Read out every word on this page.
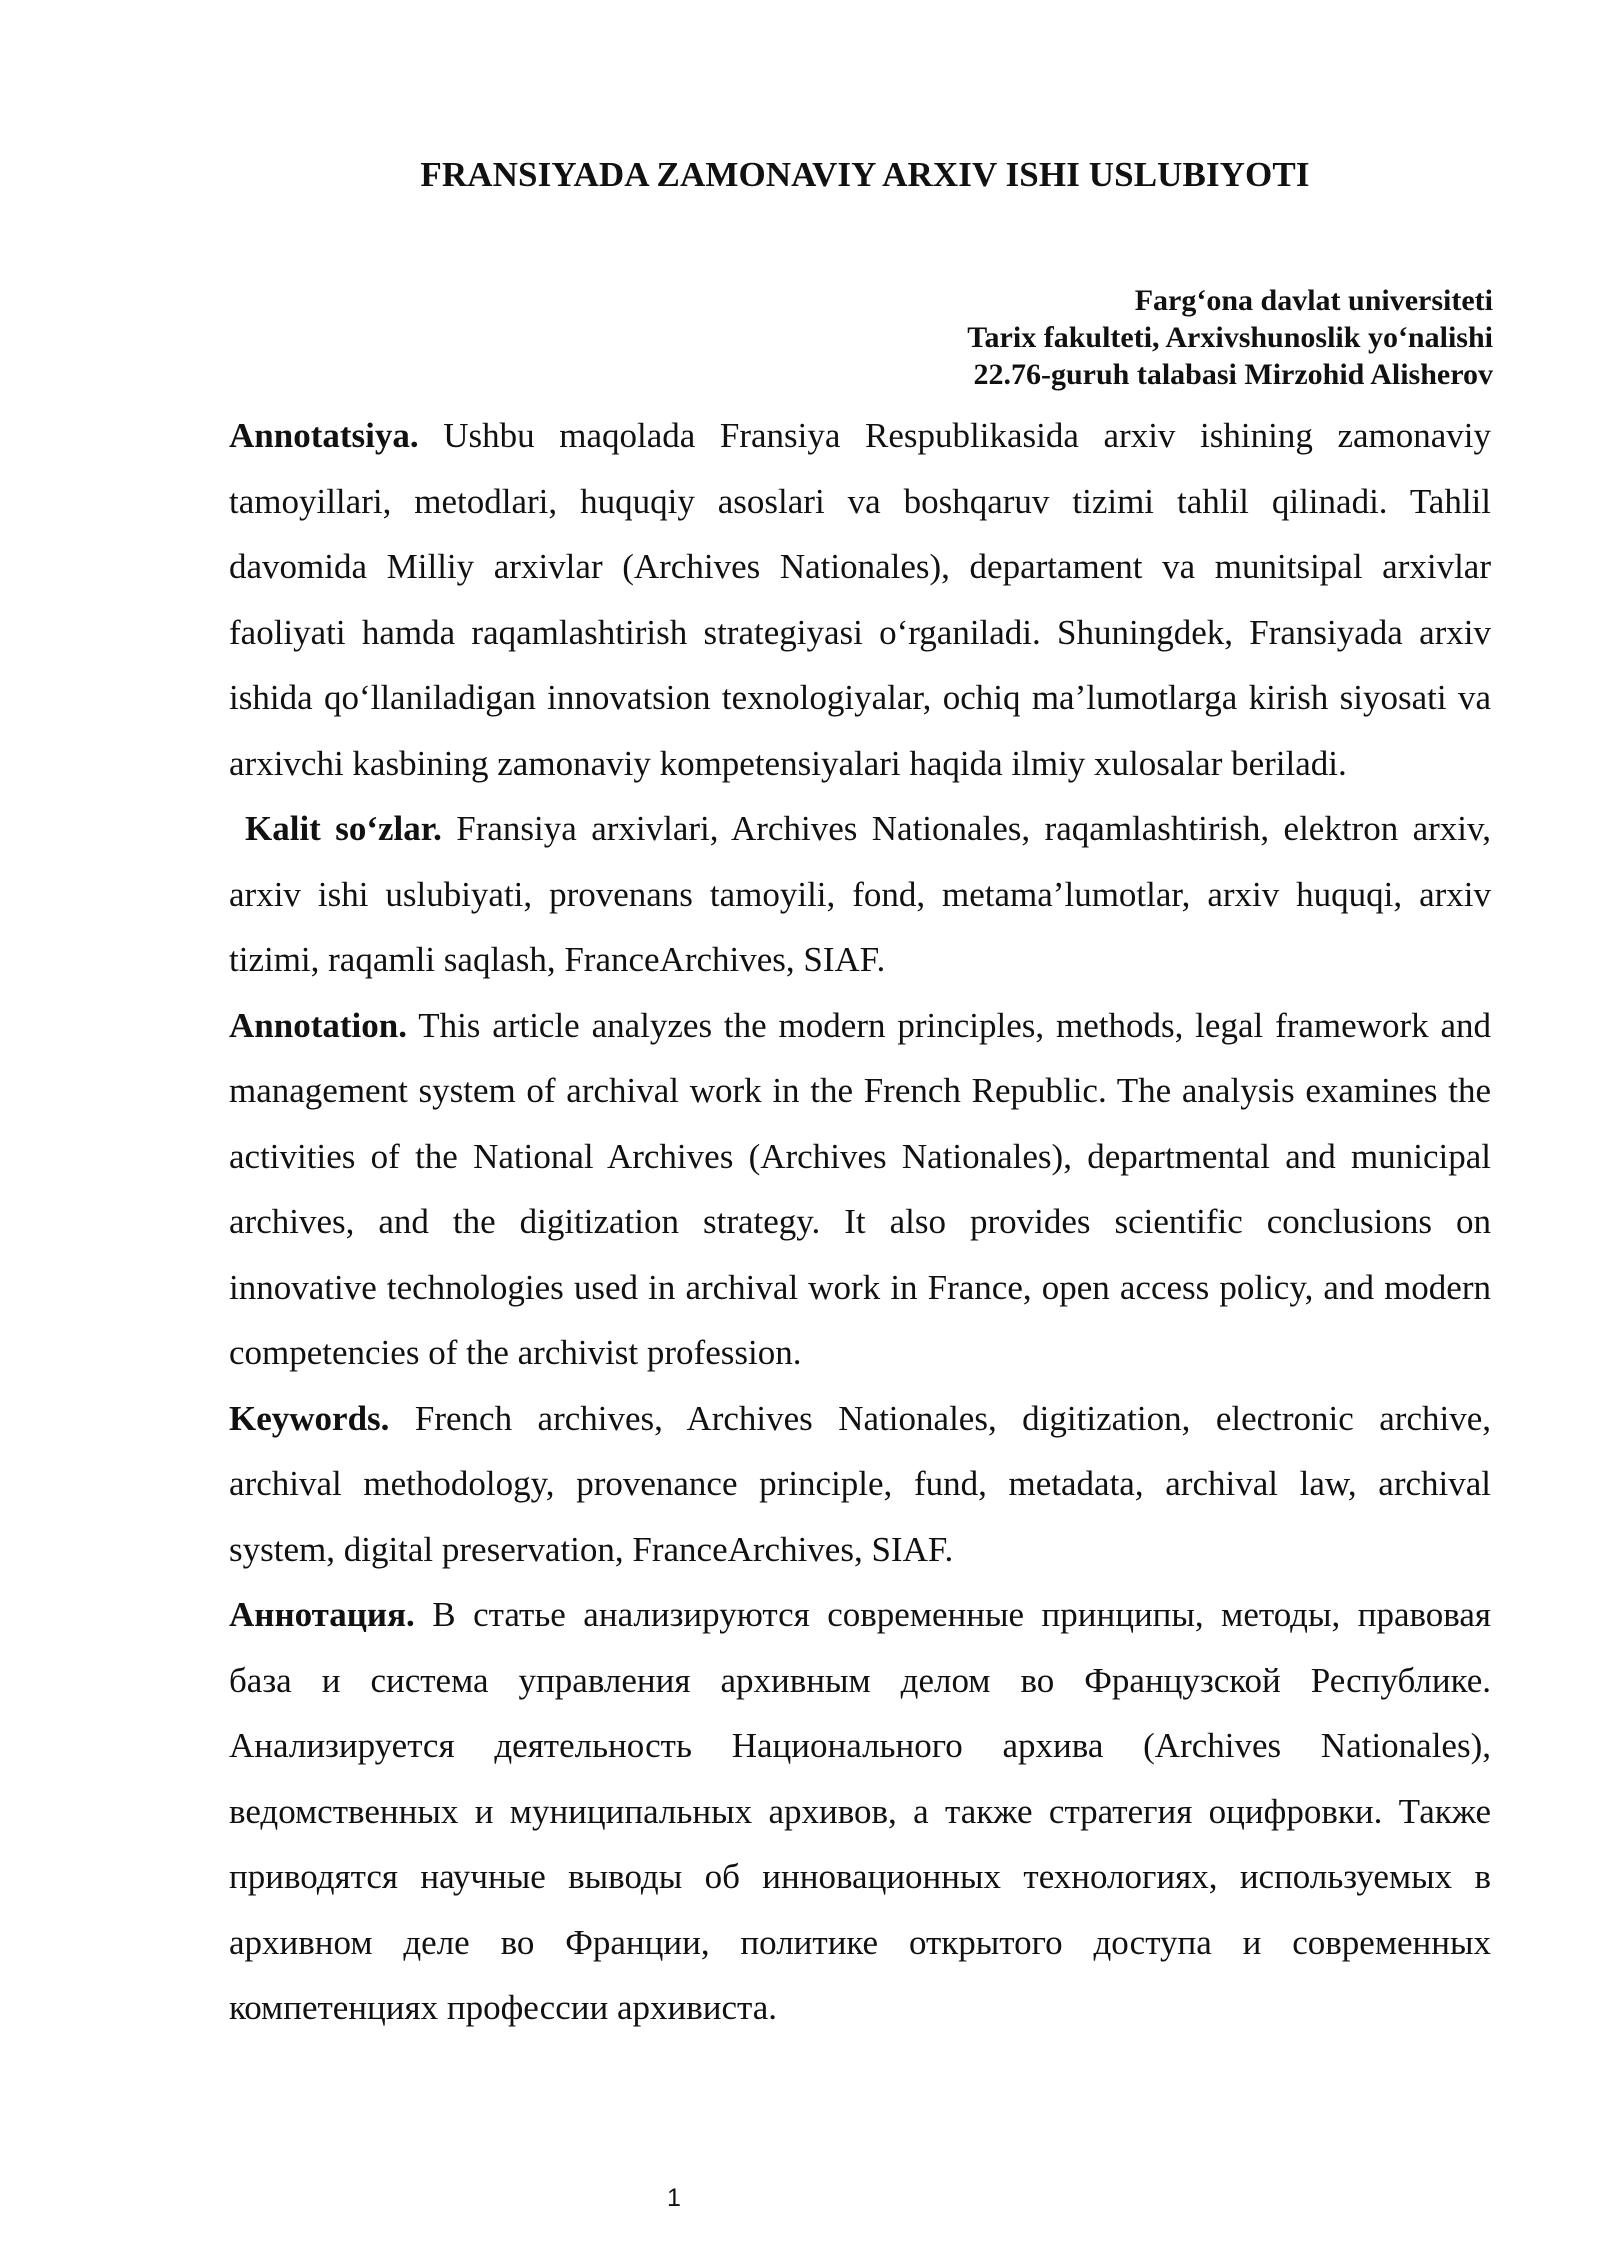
FRANSIYADA ZAMONAVIY ARXIV ISHI USLUBIYOTI
Farg‘ona davlat universiteti
Tarix fakulteti, Arxivshunoslik yo‘nalishi
22.76-guruh talabasi Mirzohid Alisherov

Annotatsiya. Ushbu maqolada Fransiya Respublikasida arxiv ishining zamonaviy tamoyillari, metodlari, huquqiy asoslari va boshqaruv tizimi tahlil qilinadi. Tahlil davomida Milliy arxivlar (Archives Nationales), departament va munitsipal arxivlar faoliyati hamda raqamlashtirish strategiyasi o‘rganiladi. Shuningdek, Fransiyada arxiv ishida qo‘llaniladigan innovatsion texnologiyalar, ochiq ma’lumotlarga kirish siyosati va arxivchi kasbining zamonaviy kompetensiyalari haqida ilmiy xulosalar beriladi.

Kalit so‘zlar. Fransiya arxivlari, Archives Nationales, raqamlashtirish, elektron arxiv, arxiv ishi uslubiyati, provenans tamoyili, fond, metama’lumotlar, arxiv huquqi, arxiv tizimi, raqamli saqlash, FranceArchives, SIAF.

Annotation. This article analyzes the modern principles, methods, legal framework and management system of archival work in the French Republic. The analysis examines the activities of the National Archives (Archives Nationales), departmental and municipal archives, and the digitization strategy. It also provides scientific conclusions on innovative technologies used in archival work in France, open access policy, and modern competencies of the archivist profession.

Keywords. French archives, Archives Nationales, digitization, electronic archive, archival methodology, provenance principle, fund, metadata, archival law, archival system, digital preservation, FranceArchives, SIAF.

Аннотация. В статье анализируются современные принципы, методы, правовая база и система управления архивным делом во Французской Республике. Анализируется деятельность Национального архива (Archives Nationales), ведомственных и муниципальных архивов, а также стратегия оцифровки. Также приводятся научные выводы об инновационных технологиях, используемых в архивном деле во Франции, политике открытого доступа и современных компетенциях профессии архивиста.

1
